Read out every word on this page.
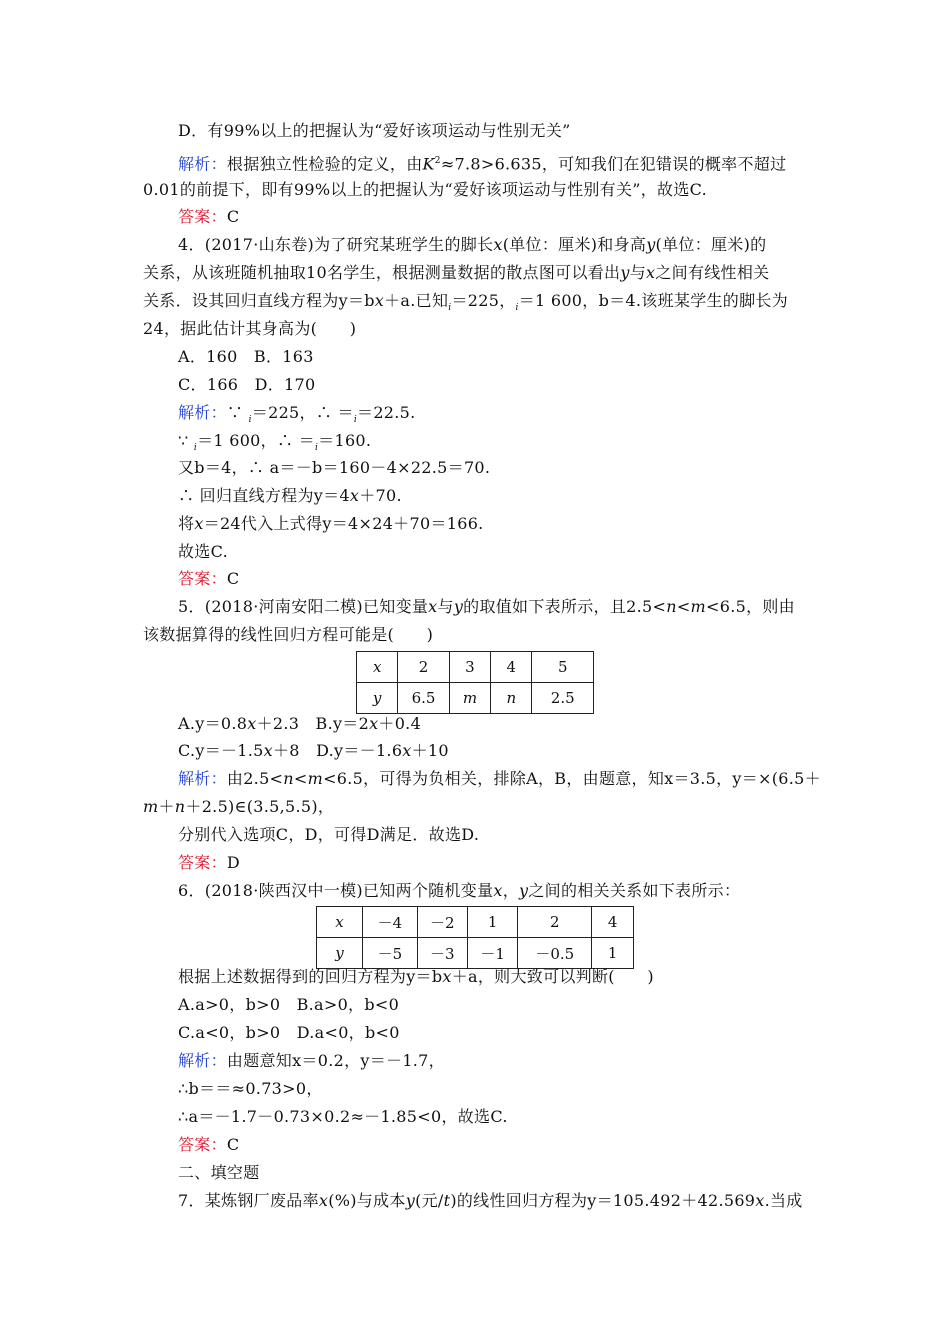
D．有99%以上的把握认为“爱好该项运动与性别无关”
解析：根据独立性检验的定义，由$K^2\approx 7.8>6.635$，可知我们在犯错误的概率不超过
0.01的前提下，即有99%以上的把握认为“爱好该项运动与性别有关”，故选C.
答案：C
4．(2017·山东卷)为了研究某班学生的脚长x(单位：厘米)和身高y(单位：厘米)的
关系，从该班随机抽取10名学生，根据测量数据的散点图可以看出y与x之间有线性相关
关系．设其回归直线方程为y＝bx＋a.已知$_i$＝225，$_i$＝1 600，b＝4.该班某学生的脚长为
24，据此估计其身高为(　　)
A．160　B．163
C．166　D．170
解析：∵ $_i$＝225，∴ $=_i=22.5$.
∵ $_i$＝1 600，∴ $=_i=160$.
又b＝4，∴ a＝－b＝160－4×22.5＝70.
∴ 回归直线方程为y＝4x＋70.
将x＝24代入上式得y＝4×24＋70＝166.
故选C.
答案：C
5．(2018·河南安阳二模)已知变量x与y的取值如下表所示，且2.5<n<m<6.5，则由
该数据算得的线性回归方程可能是(　　)
x	2	3	4	5
y	6.5	m	n	2.5
A.y＝0.8x＋2.3　B.y＝2x＋0.4
C.y＝－1.5x＋8　D.y＝－1.6x＋10
解析：由2.5<n<m<6.5，可得为负相关，排除A，B，由题意，知x＝3.5，y＝×(6.5＋
m＋n＋2.5)∈(3.5,5.5)，
分别代入选项C，D，可得D满足．故选D.
答案：D
6．(2018·陕西汉中一模)已知两个随机变量x，y之间的相关关系如下表所示：
x	－4	－2	1	2	4
y	－5	－3	－1	－0.5	1
根据上述数据得到的回归方程为y＝bx＋a，则大致可以判断(　　)
A.a>0，b>0　B.a>0，b<0
C.a<0，b>0　D.a<0，b<0
解析：由题意知x＝0.2，y＝－1.7，
∴b＝＝≈0.73>0，
∴a＝－1.7－0.73×0.2≈－1.85<0，故选C.
答案：C
二、填空题
7．某炼钢厂废品率x(%)与成本y(元/t)的线性回归方程为y＝105.492＋42.569x.当成
